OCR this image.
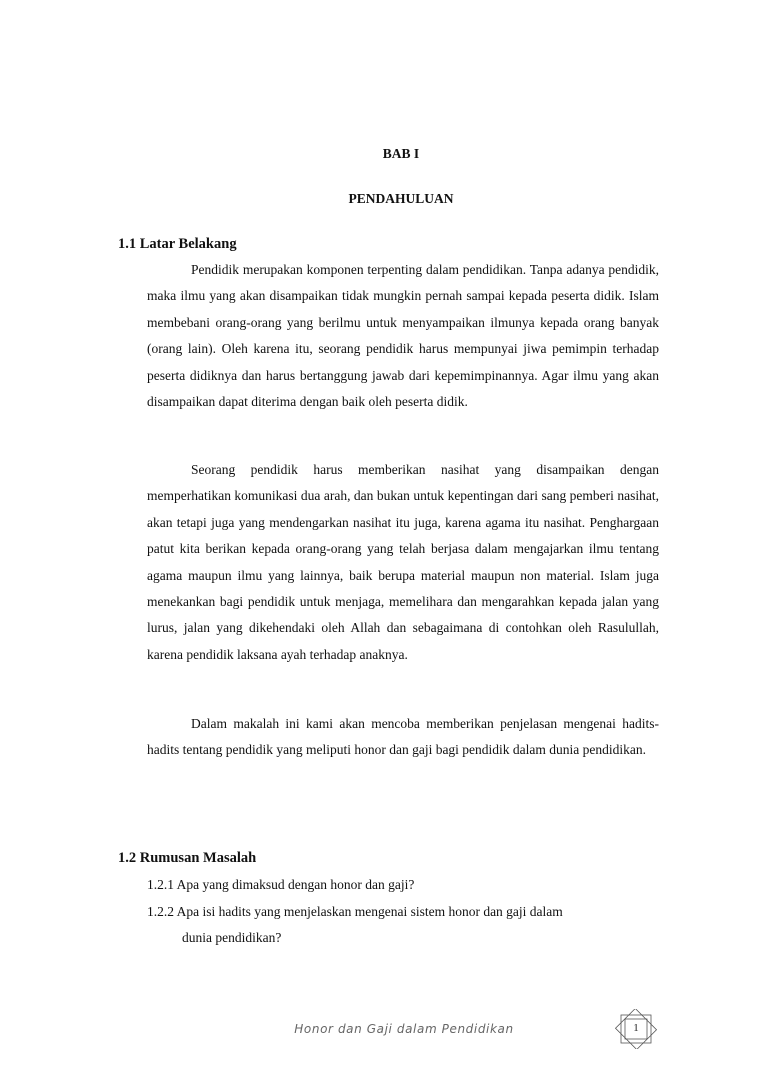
BAB I
PENDAHULUAN
1.1 Latar Belakang

Pendidik merupakan komponen terpenting dalam pendidikan. Tanpa adanya pendidik, maka ilmu yang akan disampaikan tidak mungkin pernah sampai kepada peserta didik. Islam membebani orang-orang yang berilmu untuk menyampaikan ilmunya kepada orang banyak (orang lain). Oleh karena itu, seorang pendidik harus mempunyai jiwa pemimpin terhadap peserta didiknya dan harus bertanggung jawab dari kepemimpinannya. Agar ilmu yang akan disampaikan dapat diterima dengan baik oleh peserta didik.

Seorang pendidik harus memberikan nasihat yang disampaikan dengan memperhatikan komunikasi dua arah, dan bukan untuk kepentingan dari sang pemberi nasihat, akan tetapi juga yang mendengarkan nasihat itu juga, karena agama itu nasihat. Penghargaan patut kita berikan kepada orang-orang yang telah berjasa dalam mengajarkan ilmu tentang agama maupun ilmu yang lainnya, baik berupa material maupun non material. Islam juga menekankan bagi pendidik untuk menjaga, memelihara dan mengarahkan kepada jalan yang lurus, jalan yang dikehendaki oleh Allah dan sebagaimana di contohkan oleh Rasulullah, karena pendidik laksana ayah terhadap anaknya.

Dalam makalah ini kami akan mencoba memberikan penjelasan mengenai hadits-hadits tentang pendidik yang meliputi honor dan gaji bagi pendidik dalam dunia pendidikan.

1.2 Rumusan Masalah

1.2.1 Apa yang dimaksud dengan honor dan gaji?

1.2.2 Apa isi hadits yang menjelaskan mengenai sistem honor dan gaji dalam
dunia pendidikan?

Honor dan Gaji dalam Pendidikan	1
